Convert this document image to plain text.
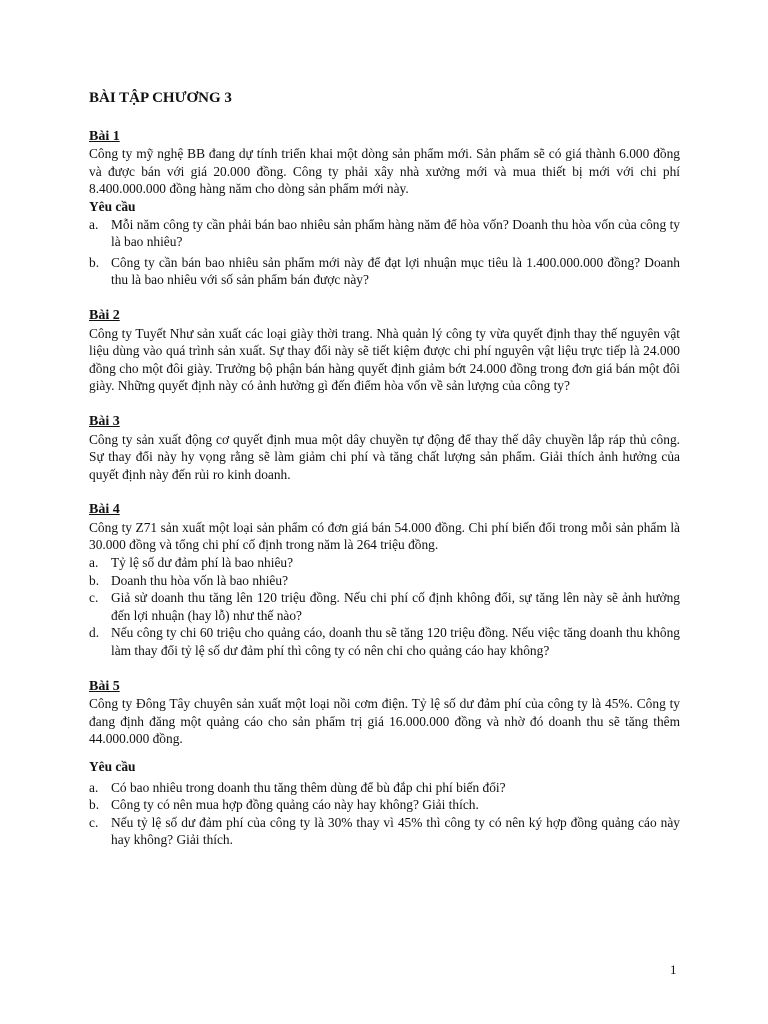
BÀI TẬP CHƯƠNG 3
Bài 1

Công ty mỹ nghệ BB đang dự tính triển khai một dòng sản phẩm mới. Sản phẩm sẽ có giá thành 6.000 đồng và được bán với giá 20.000 đồng. Công ty phải xây nhà xưởng mới và mua thiết bị mới với chi phí 8.400.000.000 đồng hàng năm cho dòng sản phẩm mới này.

Yêu cầu
a. Mỗi năm công ty cần phải bán bao nhiêu sản phẩm hàng năm để hòa vốn? Doanh thu hòa vốn của công ty là bao nhiêu?
b. Công ty cần bán bao nhiêu sản phẩm mới này để đạt lợi nhuận mục tiêu là 1.400.000.000 đồng? Doanh thu là bao nhiêu với số sản phẩm bán được này?
Bài 2

Công ty Tuyết Như sản xuất các loại giày thời trang. Nhà quản lý công ty vừa quyết định thay thế nguyên vật liệu dùng vào quá trình sản xuất. Sự thay đổi này sẽ tiết kiệm được chi phí nguyên vật liệu trực tiếp là 24.000 đồng cho một đôi giày. Trưởng bộ phận bán hàng quyết định giảm bớt 24.000 đồng trong đơn giá bán một đôi giày. Những quyết định này có ảnh hưởng gì đến điểm hòa vốn về sản lượng của công ty?

Bài 3

Công ty sản xuất động cơ quyết định mua một dây chuyền tự động để thay thế dây chuyền lắp ráp thủ công. Sự thay đổi này hy vọng rằng sẽ làm giảm chi phí và tăng chất lượng sản phẩm. Giải thích ảnh hưởng của quyết định này đến rủi ro kinh doanh.

Bài 4

Công ty Z71 sản xuất một loại sản phẩm có đơn giá bán 54.000 đồng. Chi phí biến đổi trong mỗi sản phẩm là 30.000 đồng và tổng chi phí cố định trong năm là 264 triệu đồng.

a. Tỷ lệ số dư đảm phí là bao nhiêu?
b. Doanh thu hòa vốn là bao nhiêu?
c. Giả sử doanh thu tăng lên 120 triệu đồng. Nếu chi phí cố định không đổi, sự tăng lên này sẽ ảnh hưởng đến lợi nhuận (hay lỗ) như thế nào?
d. Nếu công ty chi 60 triệu cho quảng cáo, doanh thu sẽ tăng 120 triệu đồng. Nếu việc tăng doanh thu không làm thay đổi tỷ lệ số dư đảm phí thì công ty có nên chi cho quảng cáo hay không?
Bài 5

Công ty Đông Tây chuyên sản xuất một loại nồi cơm điện. Tỷ lệ số dư đảm phí của công ty là 45%. Công ty đang định đăng một quảng cáo cho sản phẩm trị giá 16.000.000 đồng và nhờ đó doanh thu sẽ tăng thêm 44.000.000 đồng.

Yêu cầu
a. Có bao nhiêu trong doanh thu tăng thêm dùng để bù đắp chi phí biến đổi?
b. Công ty có nên mua hợp đồng quảng cáo này hay không? Giải thích.
c. Nếu tỷ lệ số dư đảm phí của công ty là 30% thay vì 45% thì công ty có nên ký hợp đồng quảng cáo này hay không? Giải thích.
1
